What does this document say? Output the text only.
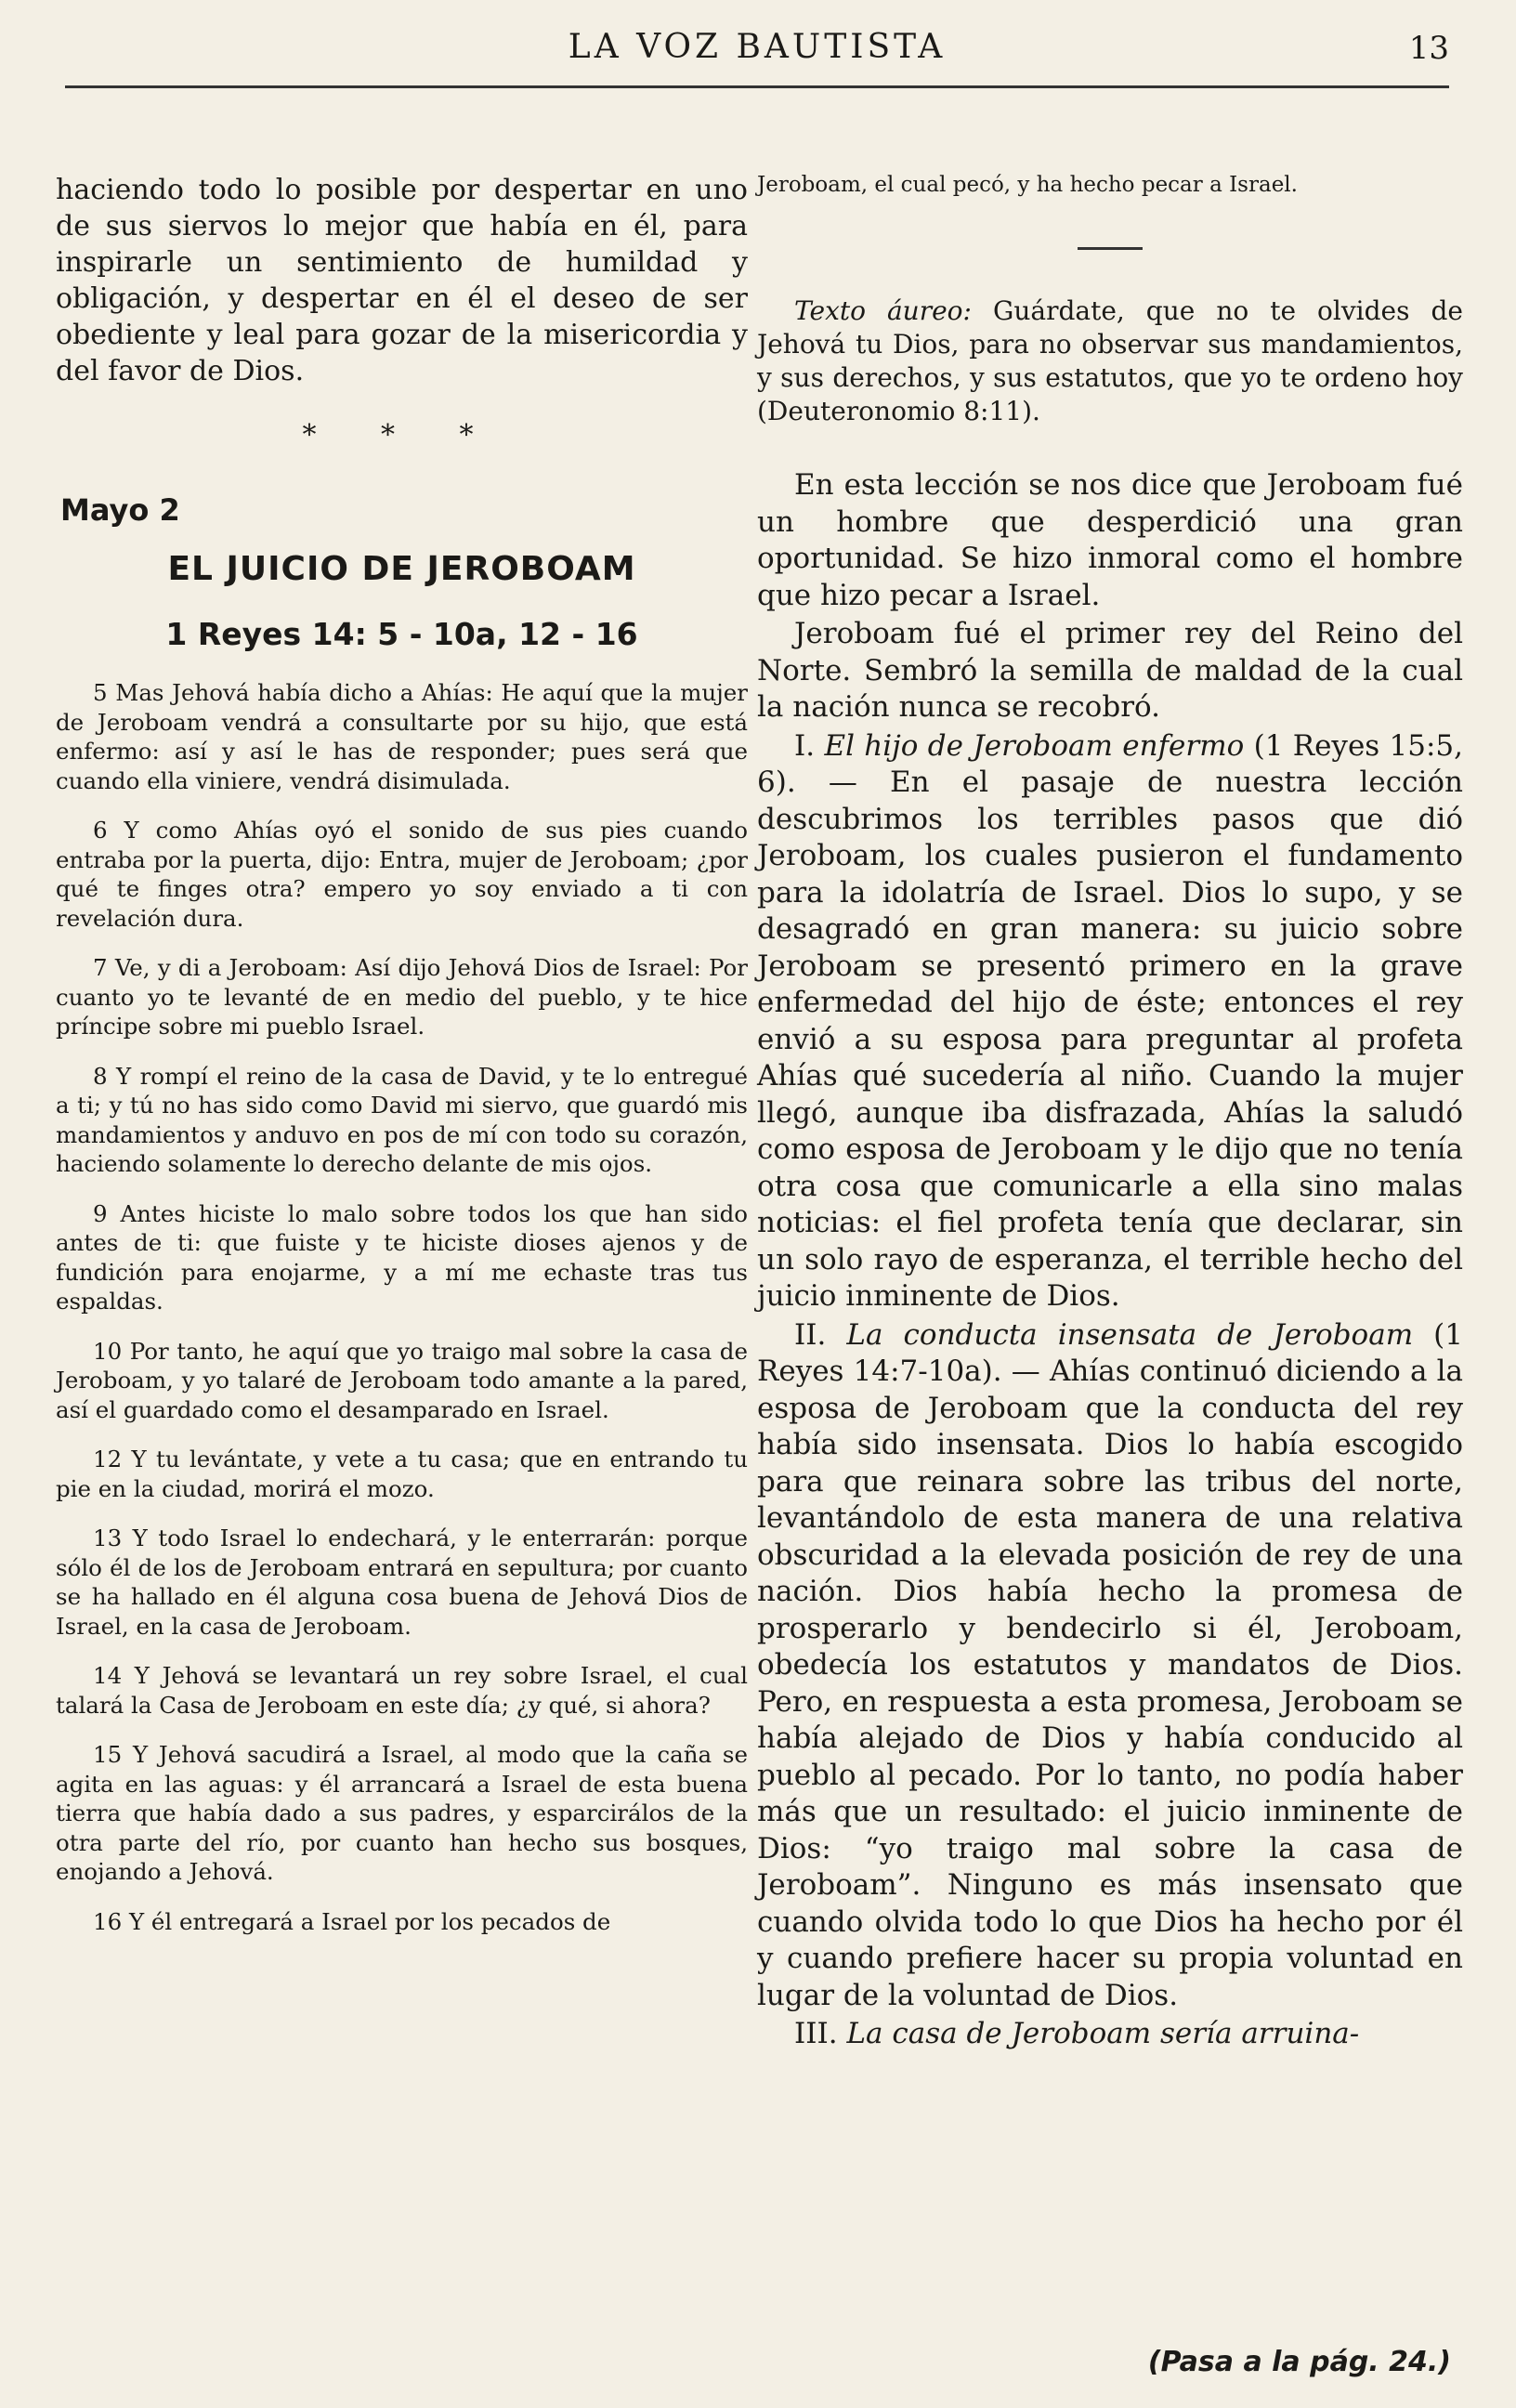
LA VOZ BAUTISTA	13

haciendo todo lo posible por despertar en uno de sus siervos lo mejor que había en él, para inspirarle un sentimiento de humildad y obligación, y despertar en él el deseo de ser obediente y leal para gozar de la misericordia y del favor de Dios.

* * *
Mayo 2
EL JUICIO DE JEROBOAM
1 Reyes 14: 5 - 10a, 12 - 16

5 Mas Jehová había dicho a Ahías: He aquí que la mujer de Jeroboam vendrá a consultarte por su hijo, que está enfermo: así y así le has de responder; pues será que cuando ella viniere, vendrá disimulada.

6 Y como Ahías oyó el sonido de sus pies cuando entraba por la puerta, dijo: Entra, mujer de Jeroboam; ¿por qué te finges otra? empero yo soy enviado a ti con revelación dura.

7 Ve, y di a Jeroboam: Así dijo Jehová Dios de Israel: Por cuanto yo te levanté de en medio del pueblo, y te hice príncipe sobre mi pueblo Israel.

8 Y rompí el reino de la casa de David, y te lo entregué a ti; y tú no has sido como David mi siervo, que guardó mis mandamientos y anduvo en pos de mí con todo su corazón, haciendo solamente lo derecho delante de mis ojos.

9 Antes hiciste lo malo sobre todos los que han sido antes de ti: que fuiste y te hiciste dioses ajenos y de fundición para enojarme, y a mí me echaste tras tus espaldas.

10 Por tanto, he aquí que yo traigo mal sobre la casa de Jeroboam, y yo talaré de Jeroboam todo amante a la pared, así el guardado como el desamparado en Israel.

12 Y tu levántate, y vete a tu casa; que en entrando tu pie en la ciudad, morirá el mozo.

13 Y todo Israel lo endechará, y le enterrarán: porque sólo él de los de Jeroboam entrará en sepultura; por cuanto se ha hallado en él alguna cosa buena de Jehová Dios de Israel, en la casa de Jeroboam.

14 Y Jehová se levantará un rey sobre Israel, el cual talará la Casa de Jeroboam en este día; ¿y qué, si ahora?

15 Y Jehová sacudirá a Israel, al modo que la caña se agita en las aguas: y él arrancará a Israel de esta buena tierra que había dado a sus padres, y esparcirálos de la otra parte del río, por cuanto han hecho sus bosques, enojando a Jehová.

16 Y él entregará a Israel por los pecados de

Jeroboam, el cual pecó, y ha hecho pecar a Israel.

Texto áureo: Guárdate, que no te olvides de Jehová tu Dios, para no observar sus mandamientos, y sus derechos, y sus estatutos, que yo te ordeno hoy (Deuteronomio 8:11).

En esta lección se nos dice que Jeroboam fué un hombre que desperdició una gran oportunidad. Se hizo inmoral como el hombre que hizo pecar a Israel.

Jeroboam fué el primer rey del Reino del Norte. Sembró la semilla de maldad de la cual la nación nunca se recobró.

I. El hijo de Jeroboam enfermo (1 Reyes 15:5, 6). — En el pasaje de nuestra lección descubrimos los terribles pasos que dió Jeroboam, los cuales pusieron el fundamento para la idolatría de Israel. Dios lo supo, y se desagradó en gran manera: su juicio sobre Jeroboam se presentó primero en la grave enfermedad del hijo de éste; entonces el rey envió a su esposa para preguntar al profeta Ahías qué sucedería al niño. Cuando la mujer llegó, aunque iba disfrazada, Ahías la saludó como esposa de Jeroboam y le dijo que no tenía otra cosa que comunicarle a ella sino malas noticias: el fiel profeta tenía que declarar, sin un solo rayo de esperanza, el terrible hecho del juicio inminente de Dios.

II. La conducta insensata de Jeroboam (1 Reyes 14:7-10a). — Ahías continuó diciendo a la esposa de Jeroboam que la conducta del rey había sido insensata. Dios lo había escogido para que reinara sobre las tribus del norte, levantándolo de esta manera de una relativa obscuridad a la elevada posición de rey de una nación. Dios había hecho la promesa de prosperarlo y bendecirlo si él, Jeroboam, obedecía los estatutos y mandatos de Dios. Pero, en respuesta a esta promesa, Jeroboam se había alejado de Dios y había conducido al pueblo al pecado. Por lo tanto, no podía haber más que un resultado: el juicio inminente de Dios: “yo traigo mal sobre la casa de Jeroboam”. Ninguno es más insensato que cuando olvida todo lo que Dios ha hecho por él y cuando prefiere hacer su propia voluntad en lugar de la voluntad de Dios.

III. La casa de Jeroboam sería arruina-

(Pasa a la pág. 24.)
